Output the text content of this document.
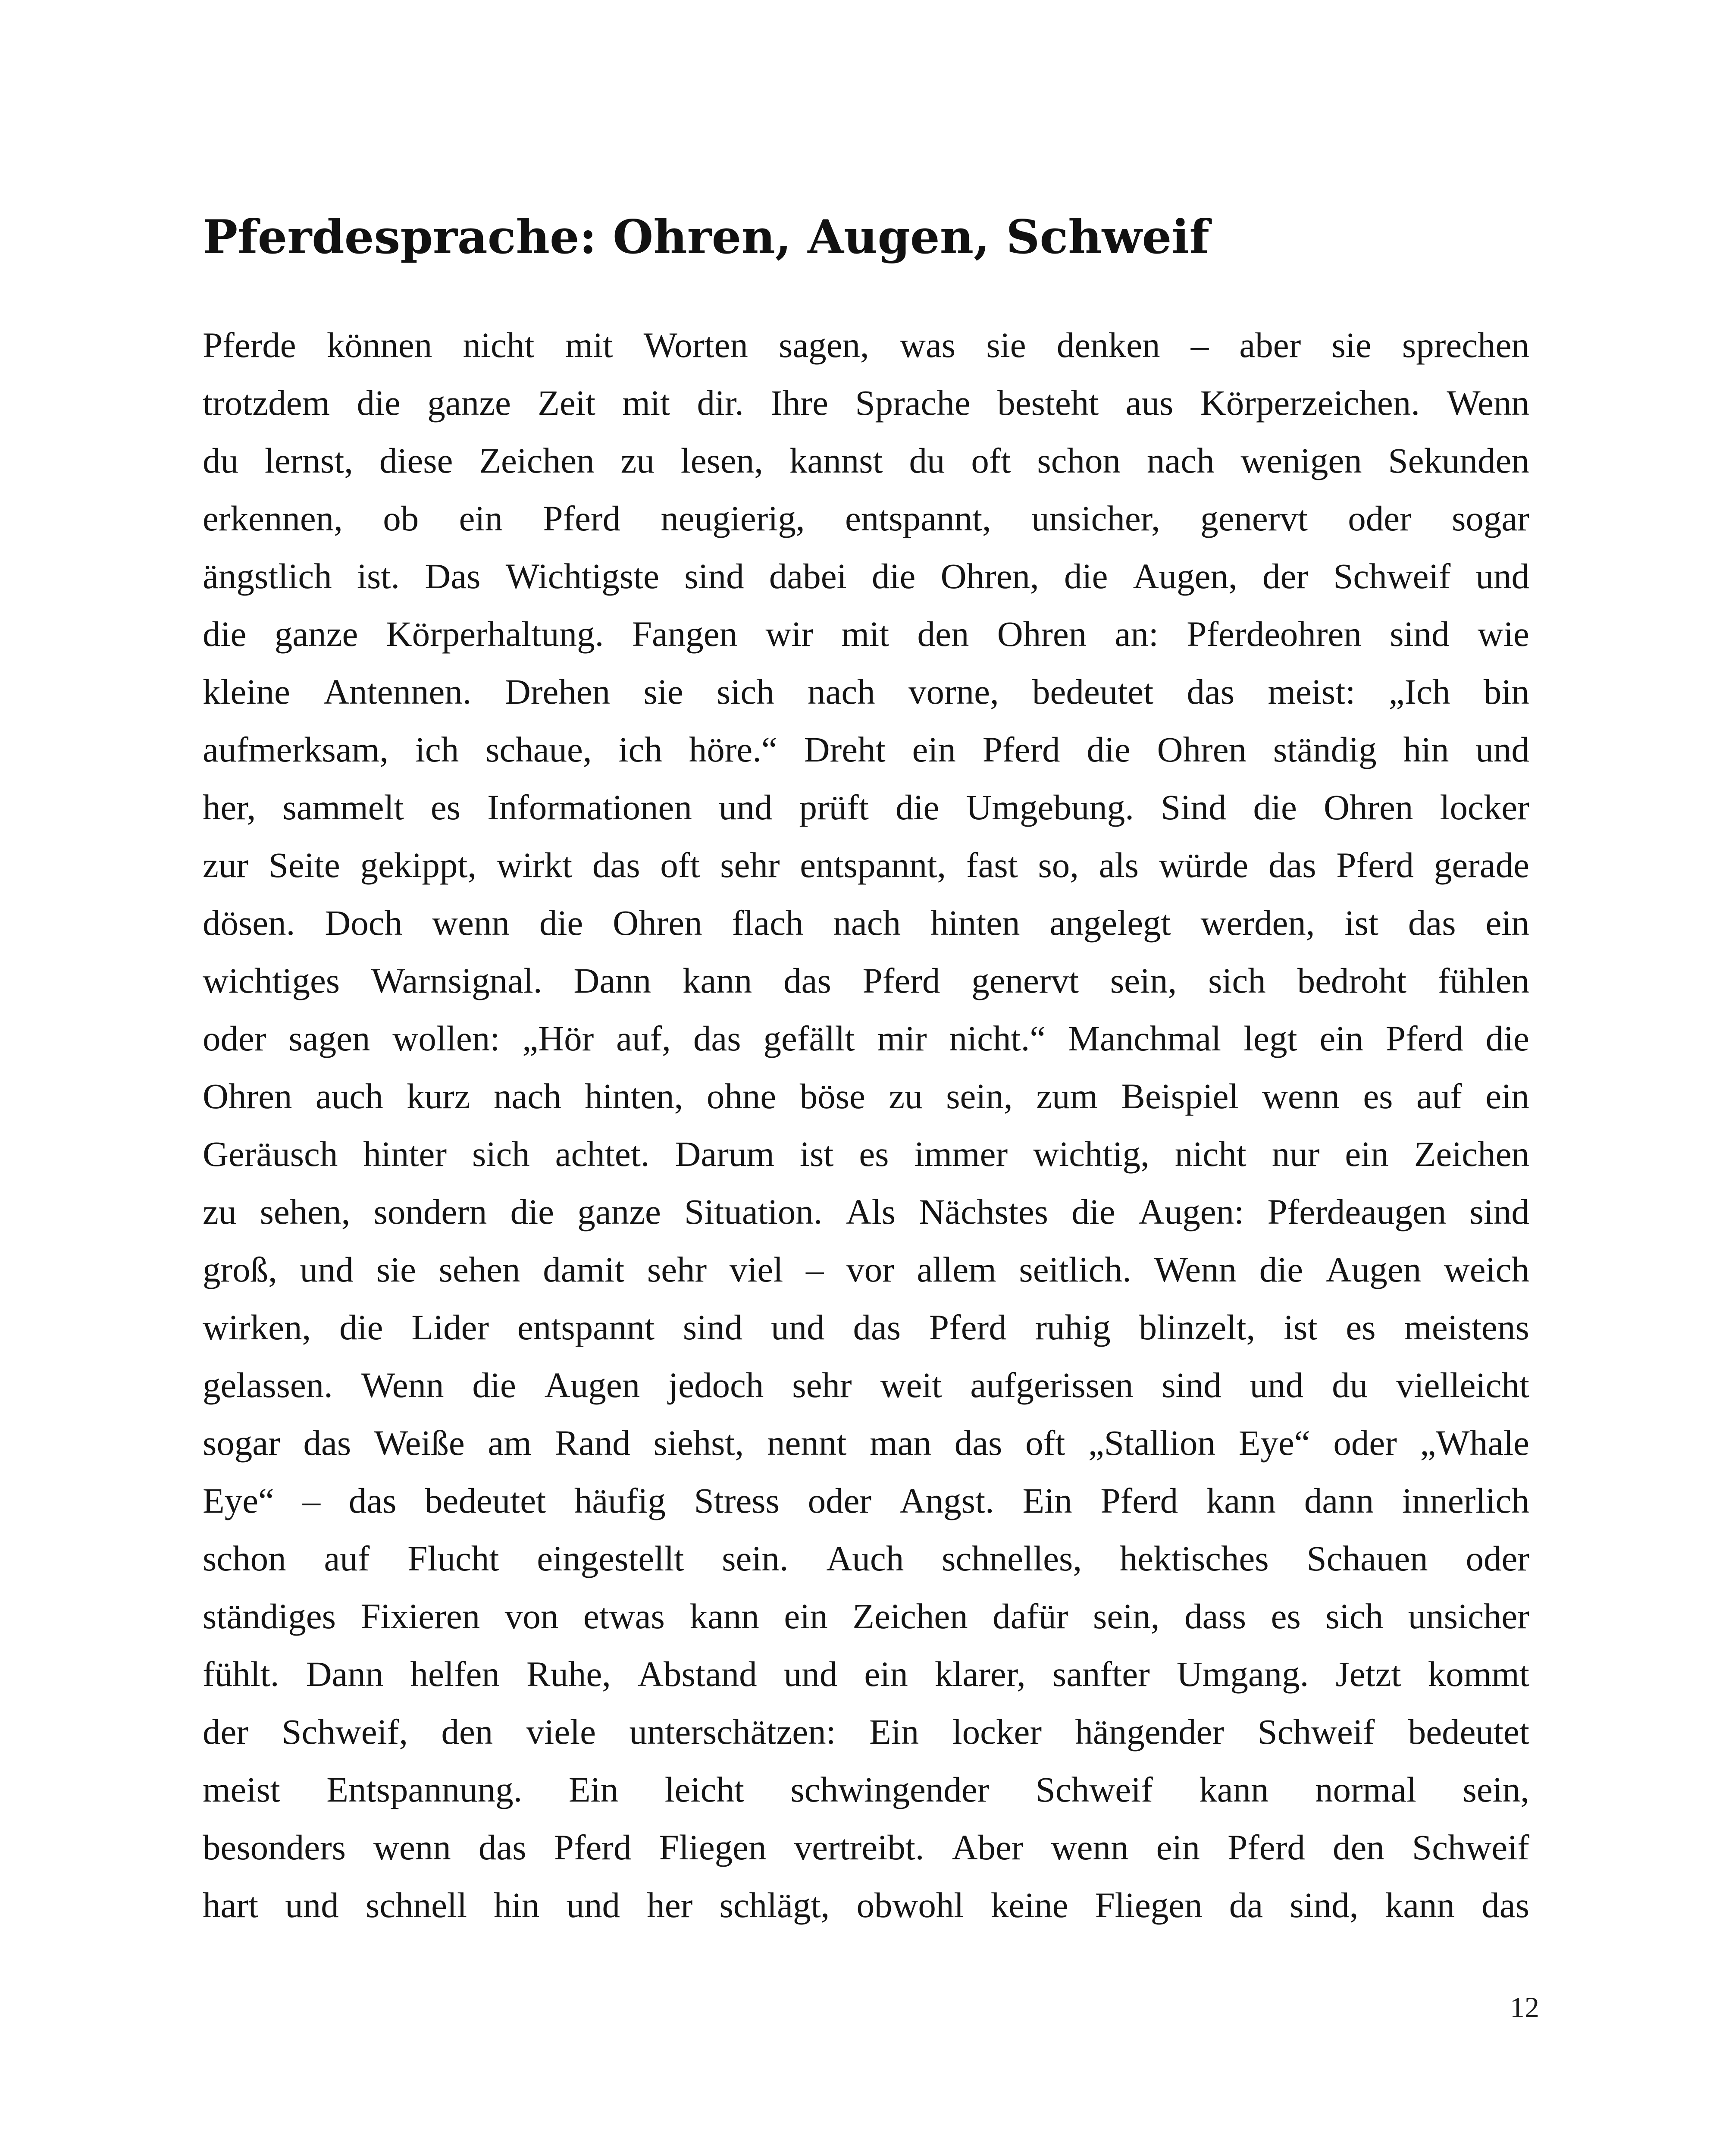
Pferdesprache: Ohren, Augen, Schweif
Pferde können nicht mit Worten sagen, was sie denken – aber sie sprechen
trotzdem die ganze Zeit mit dir. Ihre Sprache besteht aus Körperzeichen. Wenn
du lernst, diese Zeichen zu lesen, kannst du oft schon nach wenigen Sekunden
erkennen, ob ein Pferd neugierig, entspannt, unsicher, genervt oder sogar
ängstlich ist. Das Wichtigste sind dabei die Ohren, die Augen, der Schweif und
die ganze Körperhaltung. Fangen wir mit den Ohren an: Pferdeohren sind wie
kleine Antennen. Drehen sie sich nach vorne, bedeutet das meist: „Ich bin
aufmerksam, ich schaue, ich höre.“ Dreht ein Pferd die Ohren ständig hin und
her, sammelt es Informationen und prüft die Umgebung. Sind die Ohren locker
zur Seite gekippt, wirkt das oft sehr entspannt, fast so, als würde das Pferd gerade
dösen. Doch wenn die Ohren flach nach hinten angelegt werden, ist das ein
wichtiges Warnsignal. Dann kann das Pferd genervt sein, sich bedroht fühlen
oder sagen wollen: „Hör auf, das gefällt mir nicht.“ Manchmal legt ein Pferd die
Ohren auch kurz nach hinten, ohne böse zu sein, zum Beispiel wenn es auf ein
Geräusch hinter sich achtet. Darum ist es immer wichtig, nicht nur ein Zeichen
zu sehen, sondern die ganze Situation. Als Nächstes die Augen: Pferdeaugen sind
groß, und sie sehen damit sehr viel – vor allem seitlich. Wenn die Augen weich
wirken, die Lider entspannt sind und das Pferd ruhig blinzelt, ist es meistens
gelassen. Wenn die Augen jedoch sehr weit aufgerissen sind und du vielleicht
sogar das Weiße am Rand siehst, nennt man das oft „Stallion Eye“ oder „Whale
Eye“ – das bedeutet häufig Stress oder Angst. Ein Pferd kann dann innerlich
schon auf Flucht eingestellt sein. Auch schnelles, hektisches Schauen oder
ständiges Fixieren von etwas kann ein Zeichen dafür sein, dass es sich unsicher
fühlt. Dann helfen Ruhe, Abstand und ein klarer, sanfter Umgang. Jetzt kommt
der Schweif, den viele unterschätzen: Ein locker hängender Schweif bedeutet
meist Entspannung. Ein leicht schwingender Schweif kann normal sein,
besonders wenn das Pferd Fliegen vertreibt. Aber wenn ein Pferd den Schweif
hart und schnell hin und her schlägt, obwohl keine Fliegen da sind, kann das
12
